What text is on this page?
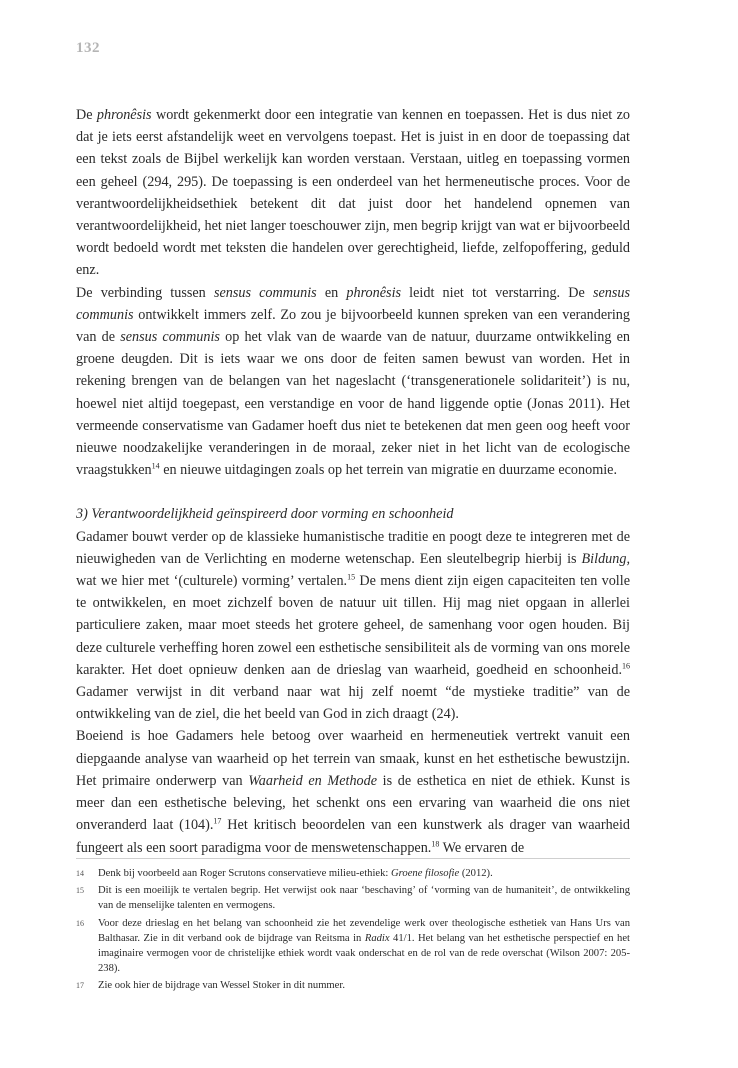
132

De phronêsis wordt gekenmerkt door een integratie van kennen en toepassen. Het is dus niet zo dat je iets eerst afstandelijk weet en vervolgens toepast. Het is juist in en door de toepassing dat een tekst zoals de Bijbel werkelijk kan worden verstaan. Verstaan, uitleg en toepassing vormen een geheel (294, 295). De toepassing is een onderdeel van het hermeneutische proces. Voor de verantwoordelijkheidsethiek betekent dit dat juist door het handelend opnemen van verantwoordelijkheid, het niet langer toeschouwer zijn, men begrip krijgt van wat er bijvoorbeeld wordt bedoeld wordt met teksten die handelen over gerechtigheid, liefde, zelfopoffering, geduld enz.

De verbinding tussen sensus communis en phronêsis leidt niet tot verstarring. De sensus communis ontwikkelt immers zelf. Zo zou je bijvoorbeeld kunnen spreken van een verandering van de sensus communis op het vlak van de waarde van de natuur, duurzame ontwikkeling en groene deugden. Dit is iets waar we ons door de feiten samen bewust van worden. Het in rekening brengen van de belangen van het nageslacht (‘transgenerationele solidariteit’) is nu, hoewel niet altijd toegepast, een verstandige en voor de hand liggende optie (Jonas 2011). Het vermeende conservatisme van Gadamer hoeft dus niet te betekenen dat men geen oog heeft voor nieuwe noodzakelijke veranderingen in de moraal, zeker niet in het licht van de ecologische vraagstukken$^{14}$ en nieuwe uitdagingen zoals op het terrein van migratie en duurzame economie.

3) Verantwoordelijkheid geïnspireerd door vorming en schoonheid

Gadamer bouwt verder op de klassieke humanistische traditie en poogt deze te integreren met de nieuwigheden van de Verlichting en moderne wetenschap. Een sleutelbegrip hierbij is Bildung, wat we hier met ‘(culturele) vorming’ vertalen.$^{15}$ De mens dient zijn eigen capaciteiten ten volle te ontwikkelen, en moet zichzelf boven de natuur uit tillen. Hij mag niet opgaan in allerlei particuliere zaken, maar moet steeds het grotere geheel, de samenhang voor ogen houden. Bij deze culturele verheffing horen zowel een esthetische sensibiliteit als de vorming van ons morele karakter. Het doet opnieuw denken aan de drieslag van waarheid, goedheid en schoonheid.$^{16}$ Gadamer verwijst in dit verband naar wat hij zelf noemt “de mystieke traditie” van de ontwikkeling van de ziel, die het beeld van God in zich draagt (24).

Boeiend is hoe Gadamers hele betoog over waarheid en hermeneutiek vertrekt vanuit een diepgaande analyse van waarheid op het terrein van smaak, kunst en het esthetische bewustzijn. Het primaire onderwerp van Waarheid en Methode is de esthetica en niet de ethiek. Kunst is meer dan een esthetische beleving, het schenkt ons een ervaring van waarheid die ons niet onveranderd laat (104).$^{17}$ Het kritisch beoordelen van een kunstwerk als drager van waarheid fungeert als een soort paradigma voor de menswetenschappen.$^{18}$ We ervaren de

14	Denk bij voorbeeld aan Roger Scrutons conservatieve milieu-ethiek: Groene filosofie (2012).
15	Dit is een moeilijk te vertalen begrip. Het verwijst ook naar ‘beschaving’ of ‘vorming van de humaniteit’, de ontwikkeling van de menselijke talenten en vermogens.
16	Voor deze drieslag en het belang van schoonheid zie het zevendelige werk over theologische esthetiek van Hans Urs van Balthasar. Zie in dit verband ook de bijdrage van Reitsma in Radix 41/1. Het belang van het esthetische perspectief en het imaginaire vermogen voor de christelijke ethiek wordt vaak onderschat en de rol van de rede overschat (Wilson 2007: 205-238).
17	Zie ook hier de bijdrage van Wessel Stoker in dit nummer.
